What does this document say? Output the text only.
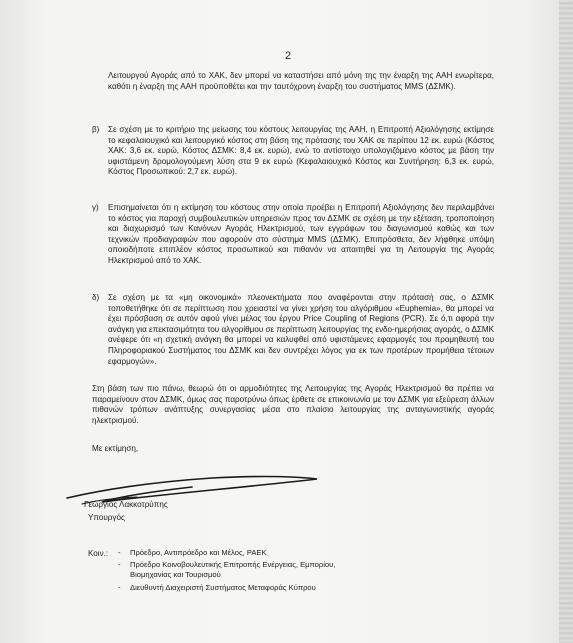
2
Λειτουργού Αγοράς από το ΧΑΚ, δεν μπορεί να καταστήσει από μόνη της την έναρξη της ΑΑΗ ενωρίτερα, καθότι η έναρξη της ΑΑΗ προϋποθέτει και την ταυτόχρονη έναρξη του συστήματος MMS (ΔΣΜΚ).
β) Σε σχέση με το κριτήριο της μείωσης του κόστους λειτουργίας της ΑΑΗ, η Επιτροπή Αξιολόγησης εκτίμησε το κεφαλαιουχικό και λειτουργικό κόστος στη βάση της πρότασης του ΧΑΚ σε περίπου 12 εκ. ευρώ (Κόστος ΧΑΚ: 3,6 εκ. ευρώ, Κόστος ΔΣΜΚ: 8,4 εκ. ευρώ), ενώ το αντίστοιχο υπολογιζόμενο κόστος με βάση την υφιστάμενη δρομολογούμενη λύση στα 9 εκ ευρώ (Κεφαλαιουχικό Κόστος και Συντήρηση: 6,3 εκ. ευρώ, Κόστος Προσωπικού: 2,7 εκ. ευρώ).
γ) Επισημαίνεται ότι η εκτίμηση του κόστους στην οποία προέβει η Επιτροπή Αξιολόγησης δεν περιλαμβάνει το κόστος για παροχή συμβουλευτικών υπηρεσιών προς τον ΔΣΜΚ σε σχέση με την εξέταση, τροποποίηση και διαχωρισμό των Κανόνων Αγοράς Ηλεκτρισμού, των εγγράφων του διαγωνισμού καθώς και των τεχνικών προδιαγραφών που αφορούν στο σύστημα MMS (ΔΣΜΚ). Επιπρόσθετα, δεν λήφθηκε υπόψη οποιοδήποτε επιπλέον κόστος προσωπικού και πιθανόν να απαιτηθεί για τη Λειτουργία της Αγοράς Ηλεκτρισμού από το ΧΑΚ.
δ) Σε σχέση με τα «μη οικονομικά» πλεονεκτήματα που αναφέρονται στην πρότασή σας, ο ΔΣΜΚ τοποθετήθηκε ότι σε περίπτωση που χρειαστεί να γίνει χρήση του αλγόριθμου «Euphemia», θα μπορεί να έχει πρόσβαση σε αυτόν αφού γίνει μέλος του έργου Price Coupling of Regions (PCR). Σε ό,τι αφορά την ανάγκη για επεκτασιμότητα του αλγορίθμου σε περίπτωση λειτουργίας της ενδο-ημερήσιας αγοράς, ο ΔΣΜΚ ανέφερε ότι «η σχετική ανάγκη θα μπορεί να καλυφθεί από υφιστάμενες εφαρμογές του προμηθευτή του Πληροφοριακού Συστήματος του ΔΣΜΚ και δεν συντρέχει λόγος για εκ των προτέρων προμήθεια τέτοιων εφαρμογών».
Στη βάση των πιο πάνω, θεωρώ ότι οι αρμοδιότητες της Λειτουργίας της Αγοράς Ηλεκτρισμού θα πρέπει να παραμείνουν στον ΔΣΜΚ, όμως σας παροτρύνω όπως έρθετε σε επικοινωνία με τον ΔΣΜΚ για εξεύρεση άλλων πιθανών τρόπων ανάπτυξης συνεργασίας μέσα στο πλαίσιο λειτουργίας της ανταγωνιστικής αγοράς ηλεκτρισμού.
Με εκτίμηση,
Γεώργιος Λακκοτρύπης
Υπουργός
Κοιν.:
-	Πρόεδρο, Αντιπρόεδρο και Μέλος, ΡΑΕΚ
- Πρόεδρο Κοινοβουλευτικής Επιτροπής Ενέργειας, Εμπορίου, Βιομηχανίας και Τουρισμού
- Διευθυντή Διαχειριστή Συστήματος Μεταφοράς Κύπρου
